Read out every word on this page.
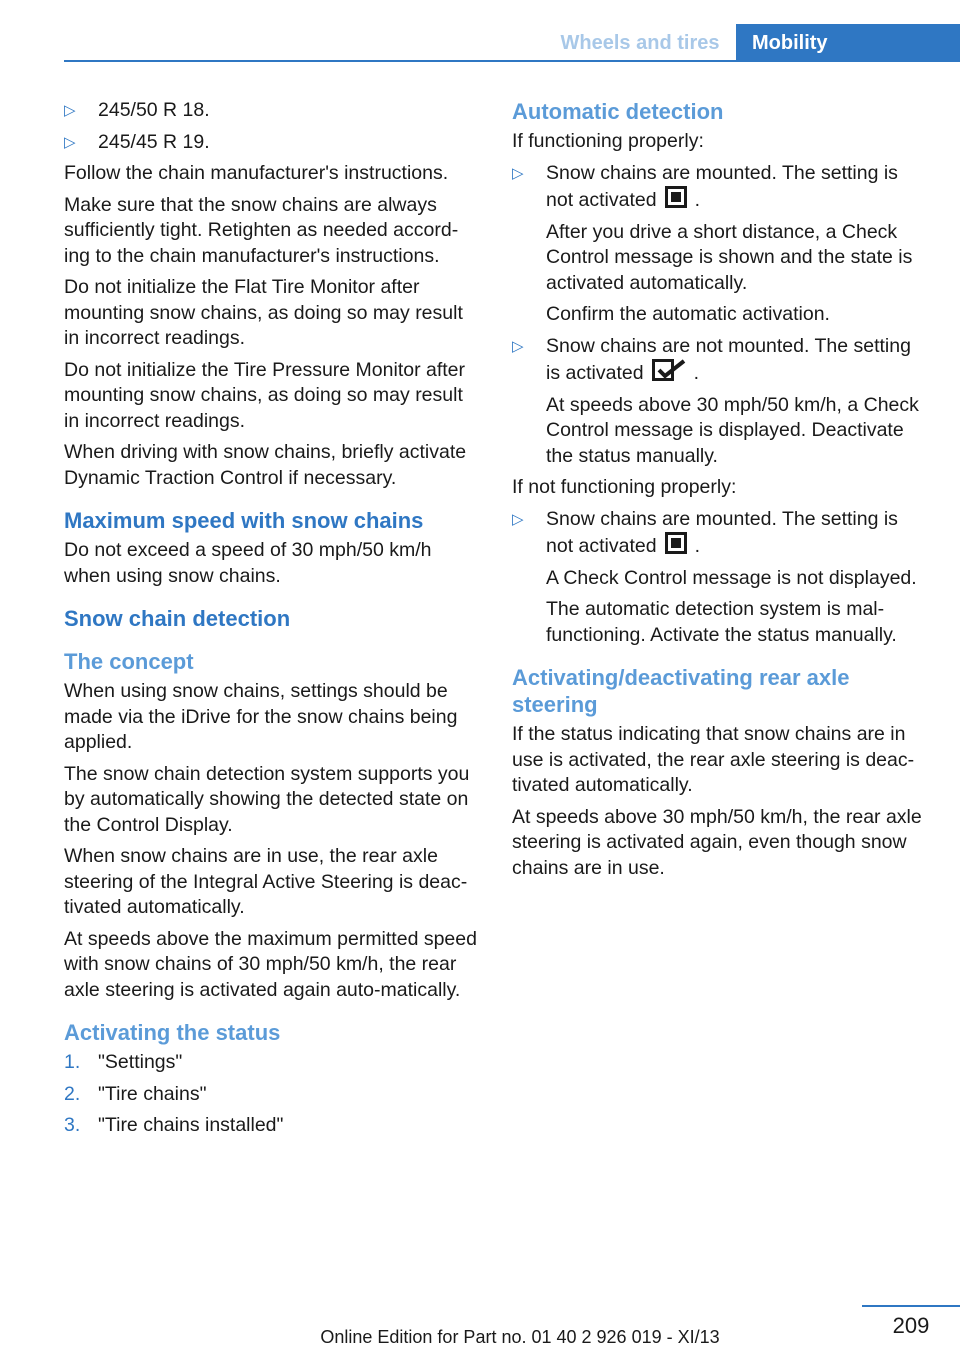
Wheels and tires	Mobility
▷ 245/50 R 18.
▷ 245/45 R 19.

Follow the chain manufacturer's instructions.

Make sure that the snow chains are always sufficiently tight. Retighten as needed accord‐ing to the chain manufacturer's instructions.

Do not initialize the Flat Tire Monitor after mounting snow chains, as doing so may result in incorrect readings.

Do not initialize the Tire Pressure Monitor after mounting snow chains, as doing so may result in incorrect readings.

When driving with snow chains, briefly activate Dynamic Traction Control if necessary.

Maximum speed with snow chains

Do not exceed a speed of 30 mph/50 km/h when using snow chains.

Snow chain detection
The concept

When using snow chains, settings should be made via the iDrive for the snow chains being applied.

The snow chain detection system supports you by automatically showing the detected state on the Control Display.

When snow chains are in use, the rear axle steering of the Integral Active Steering is deac‐tivated automatically.

At speeds above the maximum permitted speed with snow chains of 30 mph/50 km/h, the rear axle steering is activated again auto‐matically.

Activating the status
1. "Settings"
2. "Tire chains"
3. "Tire chains installed"
Automatic detection

If functioning properly:

▷ Snow chains are mounted. The setting is not activated .

After you drive a short distance, a Check Control message is shown and the state is activated automatically.

Confirm the automatic activation.

▷ Snow chains are not mounted. The setting is activated	.

At speeds above 30 mph/50 km/h, a Check Control message is displayed. Deactivate the status manually.

If not functioning properly:

▷ Snow chains are mounted. The setting is not activated .

A Check Control message is not displayed.

The automatic detection system is mal‐functioning. Activate the status manually.

Activating/deactivating rear axle steering

If the status indicating that snow chains are in use is activated, the rear axle steering is deac‐tivated automatically.

At speeds above 30 mph/50 km/h, the rear axle steering is activated again, even though snow chains are in use.

209
Online Edition for Part no. 01 40 2 926 019 - XI/13
